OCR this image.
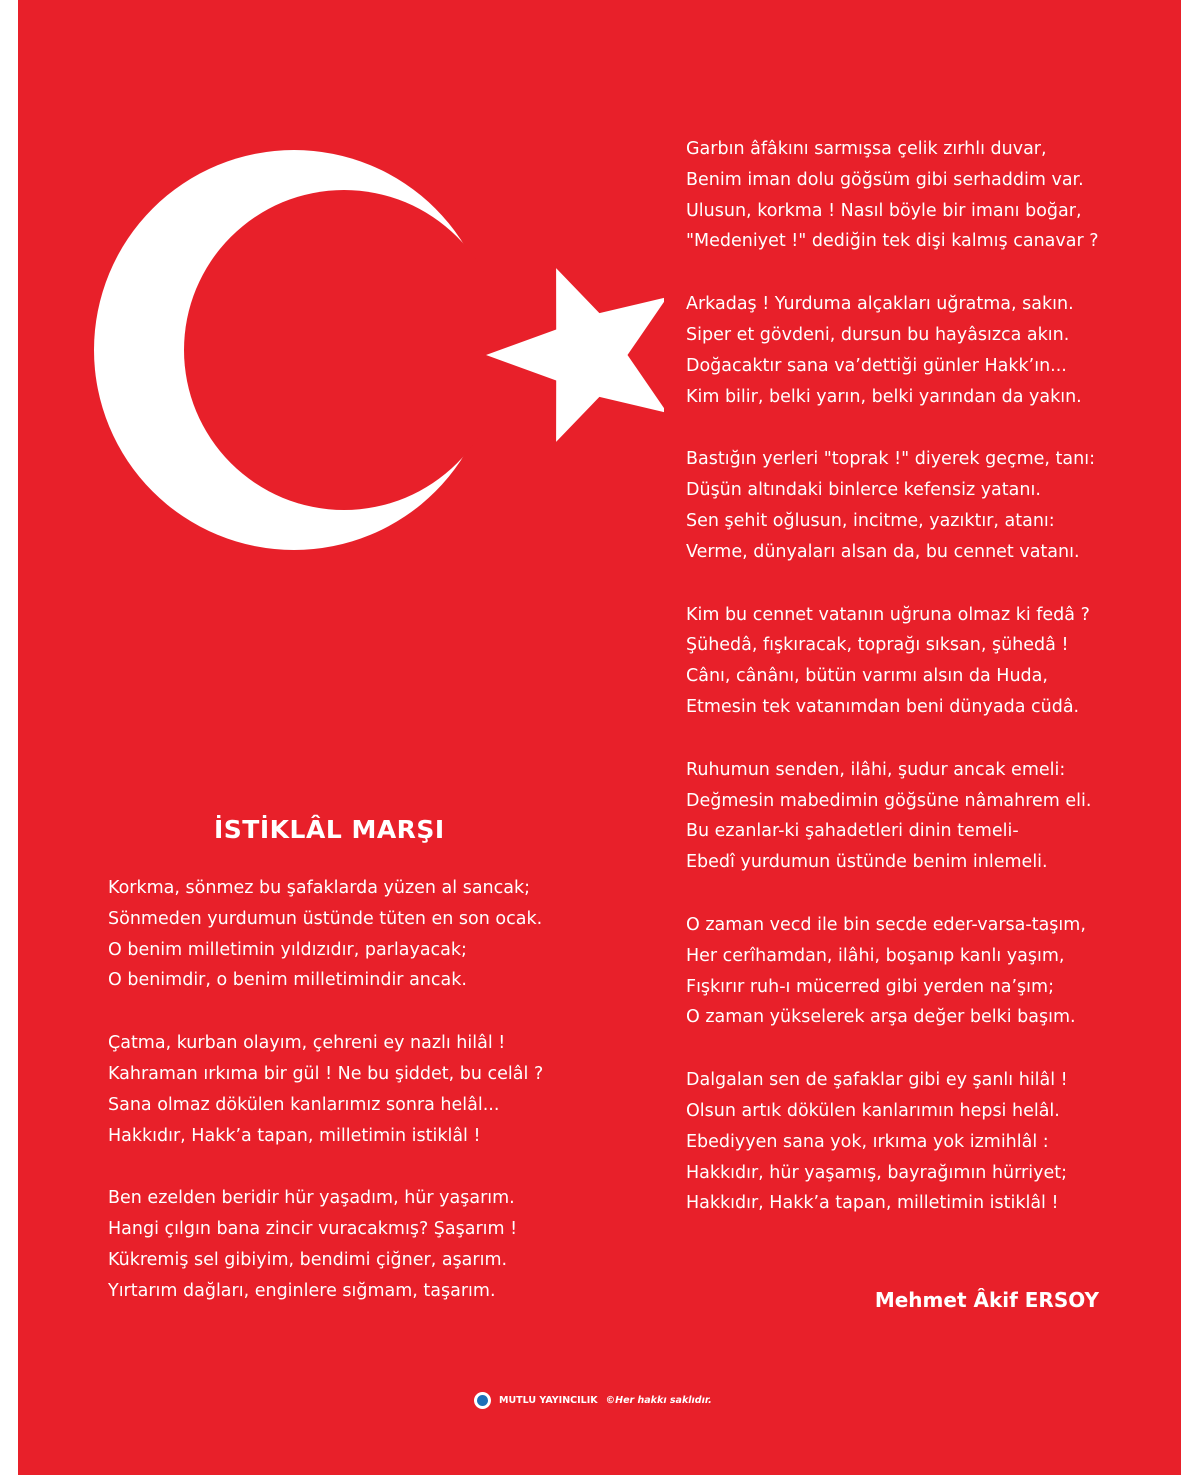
İSTİKLÂL MARŞI
Korkma, sönmez bu şafaklarda yüzen al sancak;
Sönmeden yurdumun üstünde tüten en son ocak.
O benim milletimin yıldızıdır, parlayacak;
O benimdir, o benim milletimindir ancak.
Çatma, kurban olayım, çehreni ey nazlı hilâl !
Kahraman ırkıma bir gül ! Ne bu şiddet, bu celâl ?
Sana olmaz dökülen kanlarımız sonra helâl...
Hakkıdır, Hakk’a tapan, milletimin istiklâl !
Ben ezelden beridir hür yaşadım, hür yaşarım.
Hangi çılgın bana zincir vuracakmış? Şaşarım !
Kükremiş sel gibiyim, bendimi çiğner, aşarım.
Yırtarım dağları, enginlere sığmam, taşarım.
Garbın âfâkını sarmışsa çelik zırhlı duvar,
Benim iman dolu göğsüm gibi serhaddim var.
Ulusun, korkma ! Nasıl böyle bir imanı boğar,
"Medeniyet !" dediğin tek dişi kalmış canavar ?
Arkadaş ! Yurduma alçakları uğratma, sakın.
Siper et gövdeni, dursun bu hayâsızca akın.
Doğacaktır sana va’dettiği günler Hakk’ın...
Kim bilir, belki yarın, belki yarından da yakın.
Bastığın yerleri "toprak !" diyerek geçme, tanı:
Düşün altındaki binlerce kefensiz yatanı.
Sen şehit oğlusun, incitme, yazıktır, atanı:
Verme, dünyaları alsan da, bu cennet vatanı.
Kim bu cennet vatanın uğruna olmaz ki fedâ ?
Şühedâ, fışkıracak, toprağı sıksan, şühedâ !
Cânı, cânânı, bütün varımı alsın da Huda,
Etmesin tek vatanımdan beni dünyada cüdâ.
Ruhumun senden, ilâhi, şudur ancak emeli:
Değmesin mabedimin göğsüne nâmahrem eli.
Bu ezanlar-ki şahadetleri dinin temeli-
Ebedî yurdumun üstünde benim inlemeli.
O zaman vecd ile bin secde eder-varsa-taşım,
Her cerîhamdan, ilâhi, boşanıp kanlı yaşım,
Fışkırır ruh-ı mücerred gibi yerden na’şım;
O zaman yükselerek arşa değer belki başım.
Dalgalan sen de şafaklar gibi ey şanlı hilâl !
Olsun artık dökülen kanlarımın hepsi helâl.
Ebediyyen sana yok, ırkıma yok izmihlâl :
Hakkıdır, hür yaşamış, bayrağımın hürriyet;
Hakkıdır, Hakk’a tapan, milletimin istiklâl !
Mehmet Âkif ERSOY
MUTLU YAYINCILIK ©Her hakkı saklıdır.
